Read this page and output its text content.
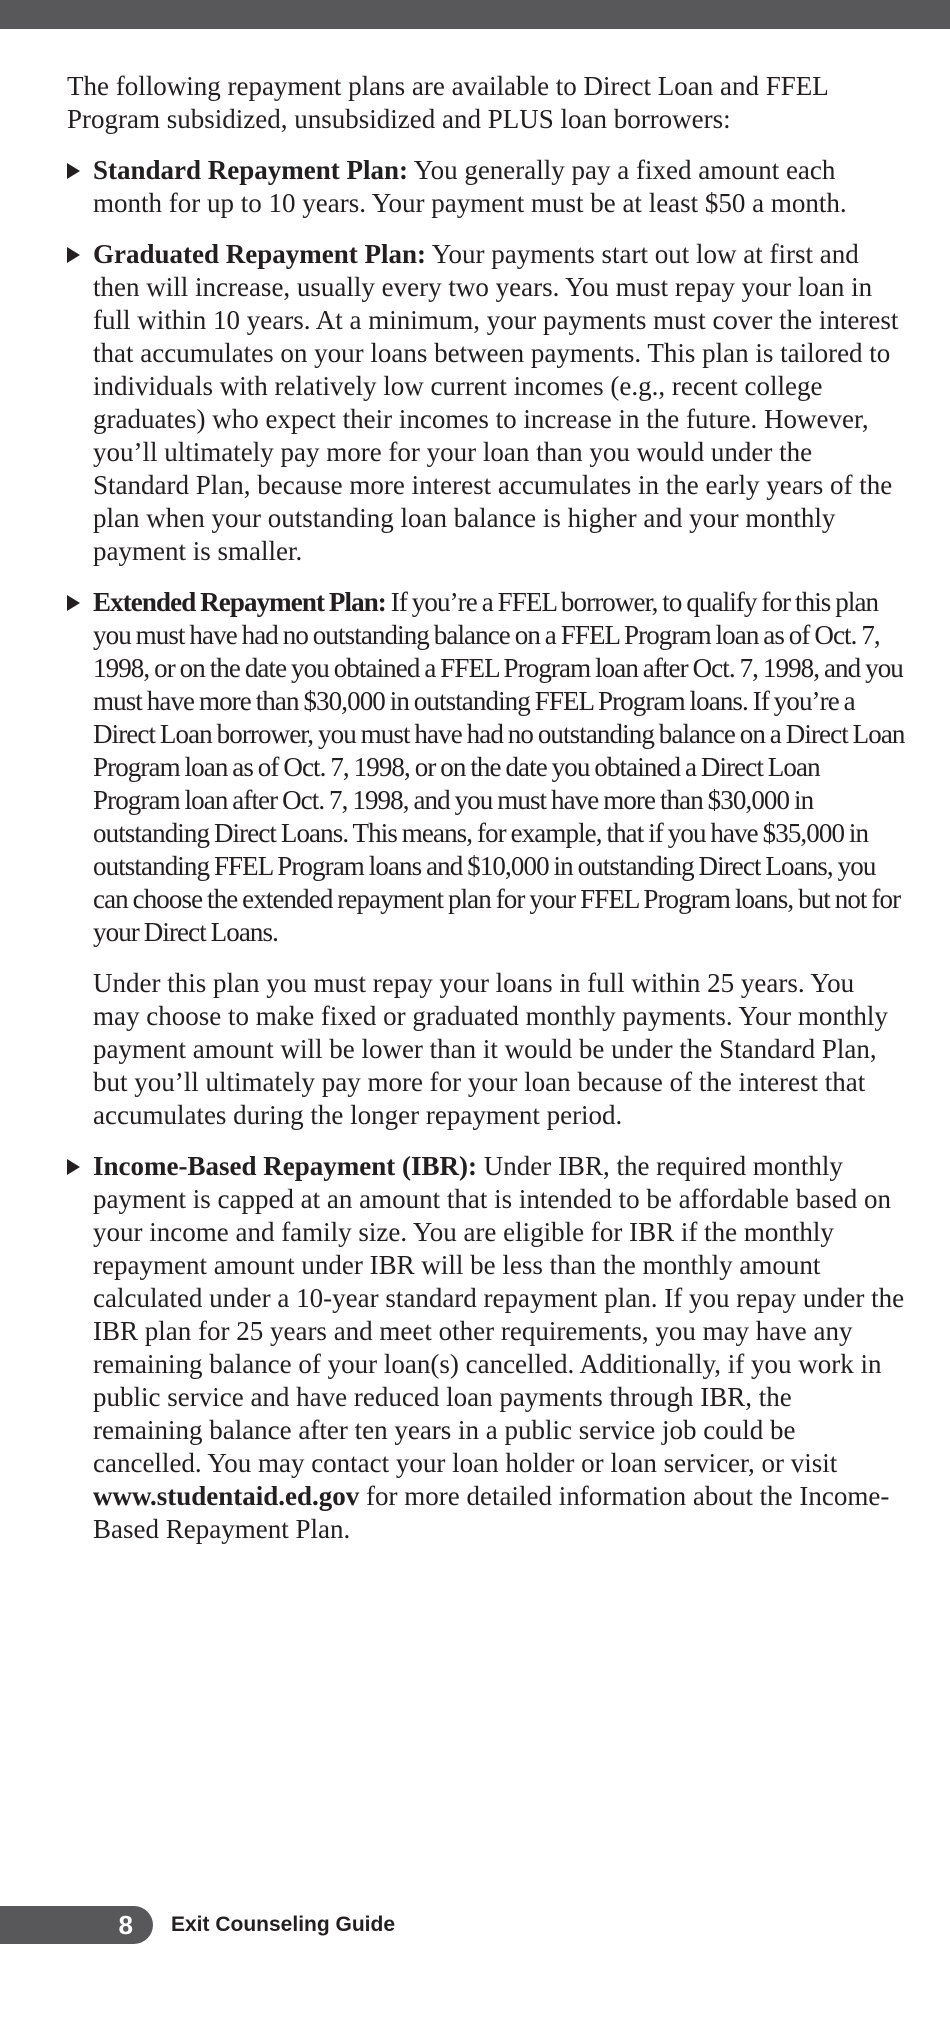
The following repayment plans are available to Direct Loan and FFEL Program subsidized, unsubsidized and PLUS loan borrowers:

Standard Repayment Plan: You generally pay a fixed amount each month for up to 10 years. Your payment must be at least $50 a month.

Graduated Repayment Plan: Your payments start out low at first and then will increase, usually every two years. You must repay your loan in full within 10 years. At a minimum, your payments must cover the interest that accumulates on your loans between payments. This plan is tailored to individuals with relatively low current incomes (e.g., recent college graduates) who expect their incomes to increase in the future. However, you’ll ultimately pay more for your loan than you would under the Standard Plan, because more interest accumulates in the early years of the plan when your outstanding loan balance is higher and your monthly payment is smaller.

Extended Repayment Plan: If you’re a FFEL borrower, to qualify for this plan you must have had no outstanding balance on a FFEL Program loan as of Oct. 7, 1998, or on the date you obtained a FFEL Program loan after Oct. 7, 1998, and you must have more than $30,000 in outstanding FFEL Program loans. If you’re a Direct Loan borrower, you must have had no outstanding balance on a Direct Loan Program loan as of Oct. 7, 1998, or on the date you obtained a Direct Loan Program loan after Oct. 7, 1998, and you must have more than $30,000 in outstanding Direct Loans. This means, for example, that if you have $35,000 in outstanding FFEL Program loans and $10,000 in outstanding Direct Loans, you can choose the extended repayment plan for your FFEL Program loans, but not for your Direct Loans.

Under this plan you must repay your loans in full within 25 years. You may choose to make fixed or graduated monthly payments. Your monthly payment amount will be lower than it would be under the Standard Plan, but you’ll ultimately pay more for your loan because of the interest that accumulates during the longer repayment period.

Income-Based Repayment (IBR): Under IBR, the required monthly payment is capped at an amount that is intended to be affordable based on your income and family size. You are eligible for IBR if the monthly repayment amount under IBR will be less than the monthly amount calculated under a 10-year standard repayment plan. If you repay under the IBR plan for 25 years and meet other requirements, you may have any remaining balance of your loan(s) cancelled. Additionally, if you work in public service and have reduced loan payments through IBR, the remaining balance after ten years in a public service job could be cancelled. You may contact your loan holder or loan servicer, or visit www.studentaid.ed.gov for more detailed information about the Income-Based Repayment Plan.

8 Exit Counseling Guide
